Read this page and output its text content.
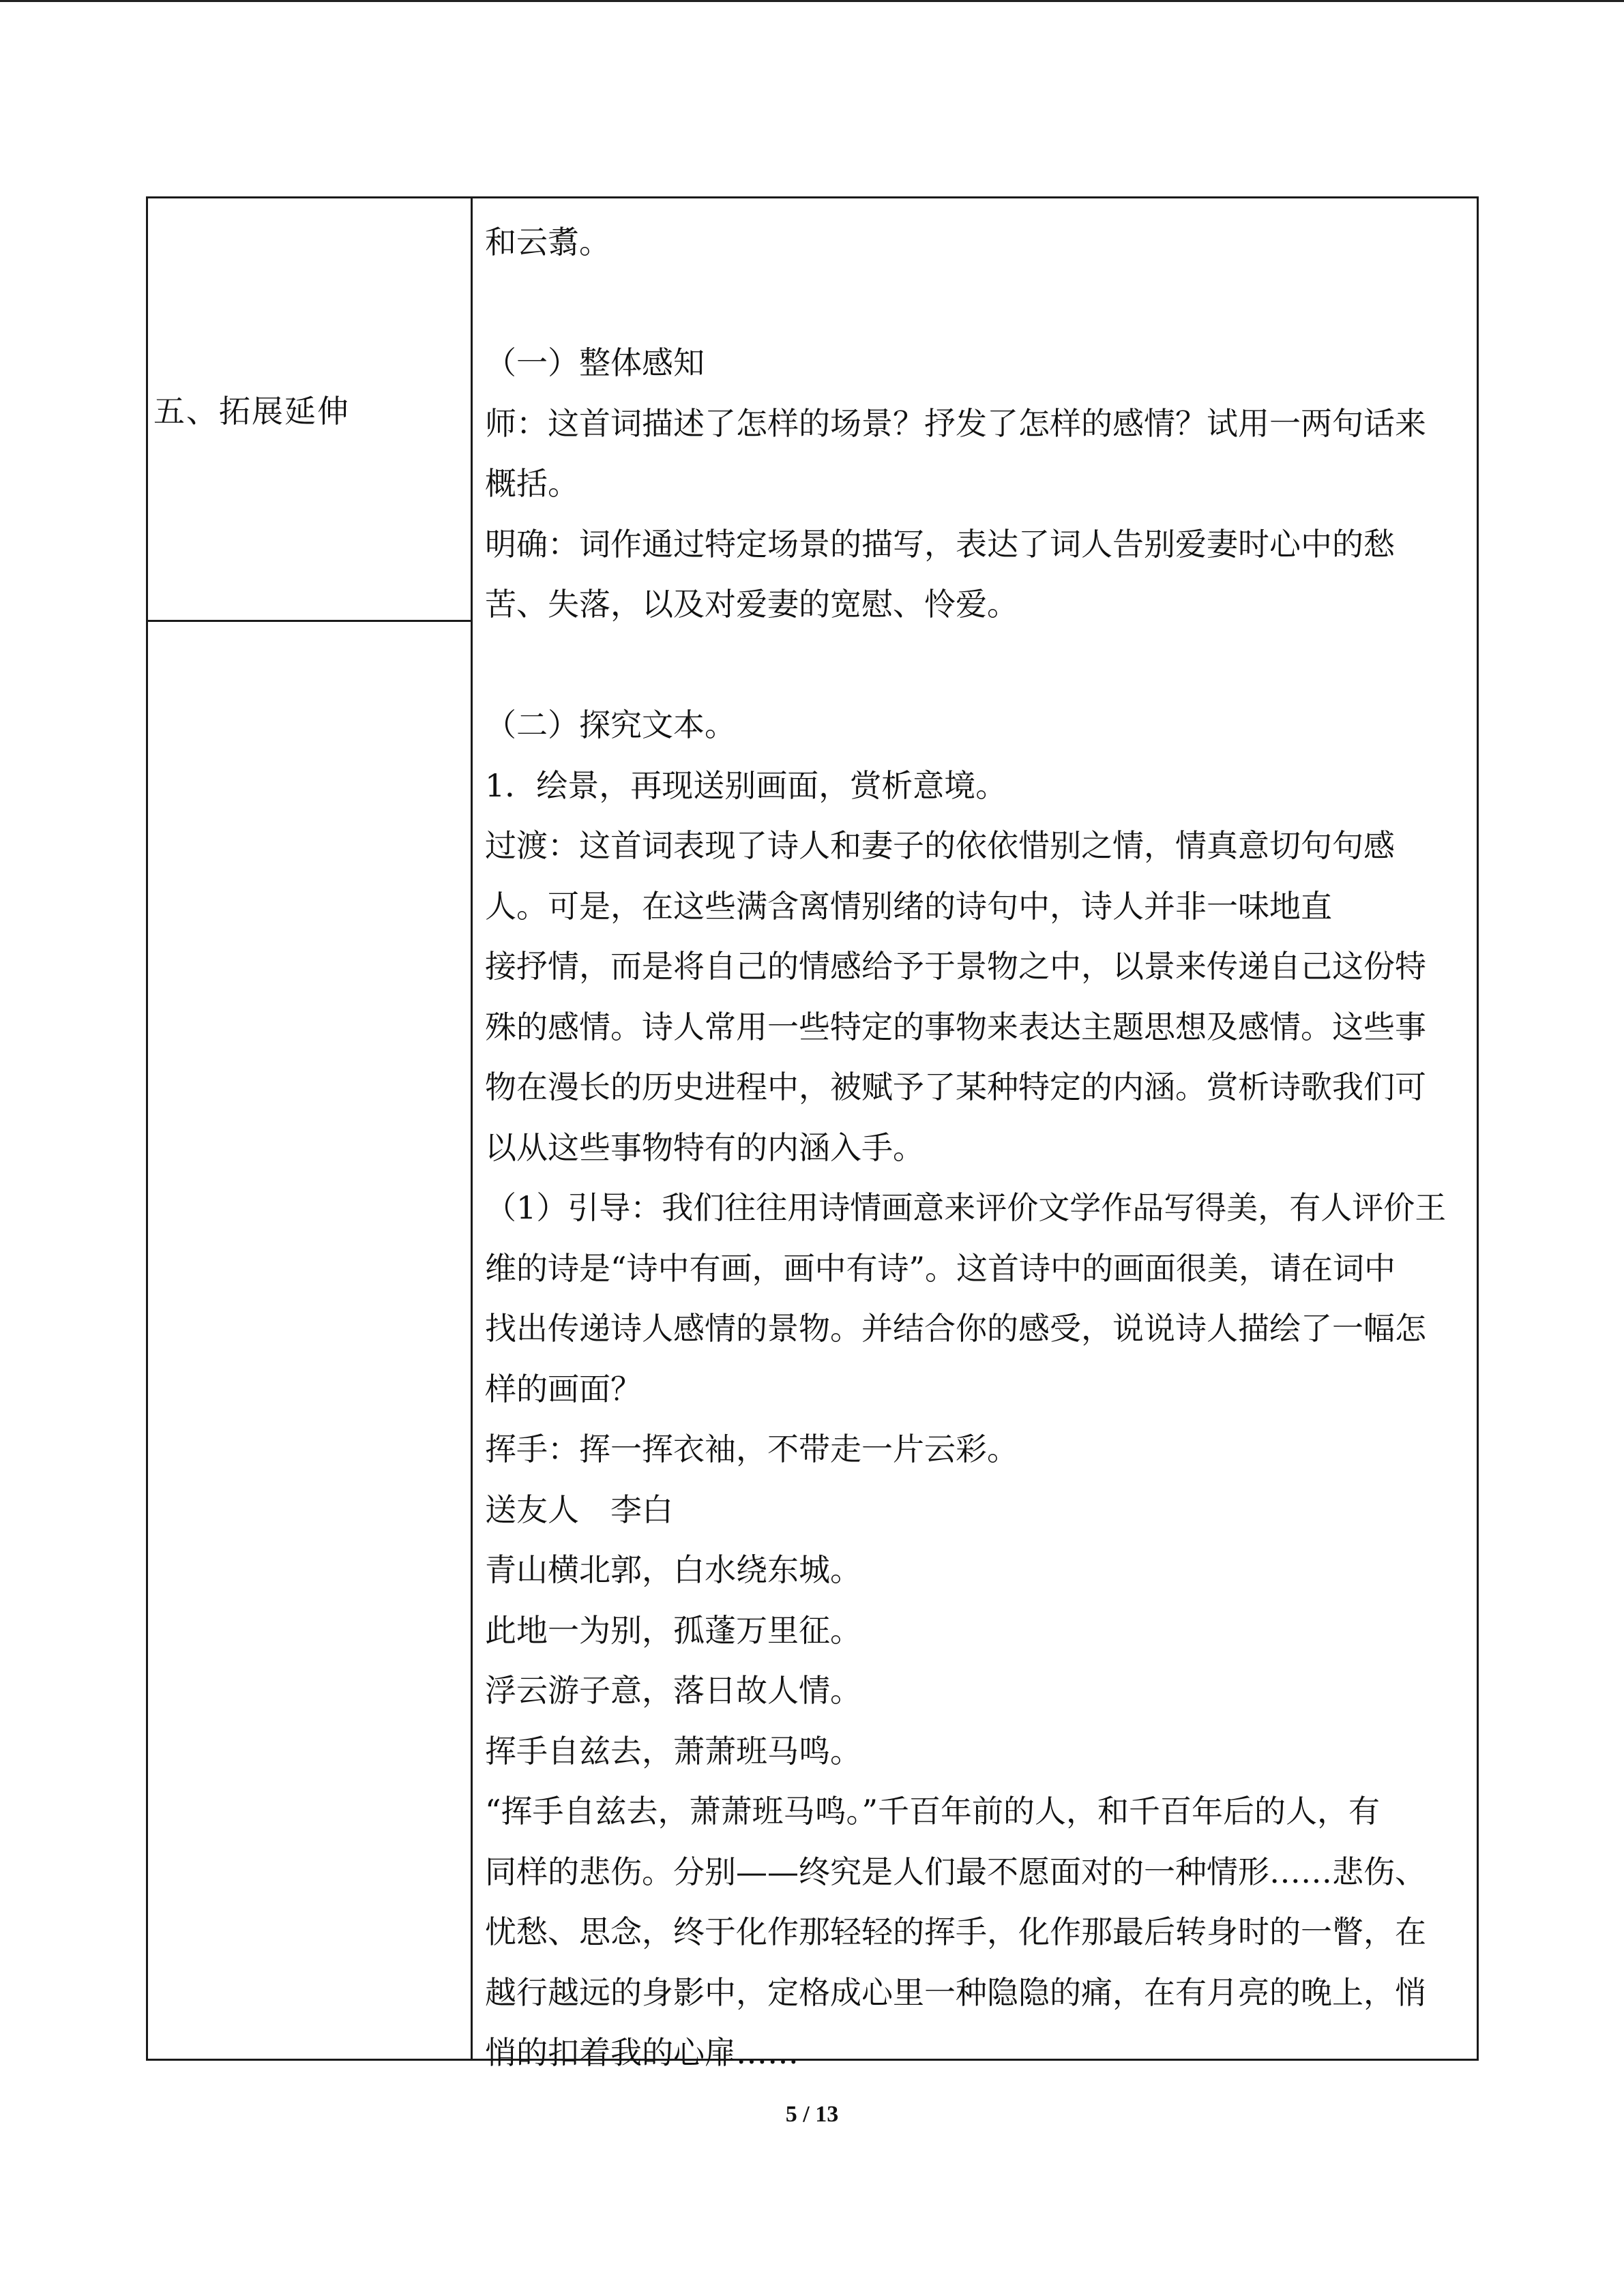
五、拓展延伸
和云翥。
（一）整体感知
师：这首词描述了怎样的场景？抒发了怎样的感情？试用一两句话来
概括。
明确：词作通过特定场景的描写，表达了词人告别爱妻时心中的愁
苦、失落，以及对爱妻的宽慰、怜爱。
（二）探究文本。
1．绘景，再现送别画面，赏析意境。
过渡：这首词表现了诗人和妻子的依依惜别之情，情真意切句句感
人。可是，在这些满含离情别绪的诗句中，诗人并非一味地直
接抒情，而是将自己的情感给予于景物之中，以景来传递自己这份特
殊的感情。诗人常用一些特定的事物来表达主题思想及感情。这些事
物在漫长的历史进程中，被赋予了某种特定的内涵。赏析诗歌我们可
以从这些事物特有的内涵入手。
（1）引导：我们往往用诗情画意来评价文学作品写得美，有人评价王
维的诗是“诗中有画，画中有诗”。这首诗中的画面很美，请在词中
找出传递诗人感情的景物。并结合你的感受，说说诗人描绘了一幅怎
样的画面？
挥手：挥一挥衣袖，不带走一片云彩。
送友人　李白
青山横北郭，白水绕东城。
此地一为别，孤蓬万里征。
浮云游子意，落日故人情。
挥手自兹去，萧萧班马鸣。
“挥手自兹去，萧萧班马鸣。”千百年前的人，和千百年后的人，有
同样的悲伤。分别——终究是人们最不愿面对的一种情形……悲伤、
忧愁、思念，终于化作那轻轻的挥手，化作那最后转身时的一瞥，在
越行越远的身影中，定格成心里一种隐隐的痛，在有月亮的晚上，悄
悄的扣着我的心扉……
5 / 13
